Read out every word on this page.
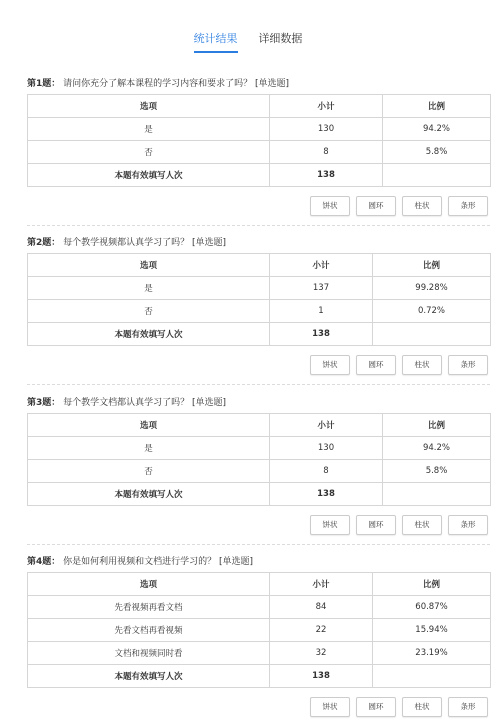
统计结果 详细数据
第1题： 请问你充分了解本课程的学习内容和要求了吗？ [单选题]
选项	小计	比例
是	130	94.2%
否	8	5.8%
本题有效填写人次	138	
饼状	圆环	柱状	条形
第2题： 每个教学视频都认真学习了吗？ [单选题]
选项	小计	比例
是	137	99.28%
否	1	0.72%
本题有效填写人次	138	
饼状	圆环	柱状	条形
第3题： 每个教学文档都认真学习了吗？ [单选题]
选项	小计	比例
是	130	94.2%
否	8	5.8%
本题有效填写人次	138	
饼状	圆环	柱状	条形
第4题： 你是如何利用视频和文档进行学习的？ [单选题]
选项	小计	比例
先看视频再看文档	84	60.87%
先看文档再看视频	22	15.94%
文档和视频同时看	32	23.19%
本题有效填写人次	138	
饼状	圆环	柱状	条形
